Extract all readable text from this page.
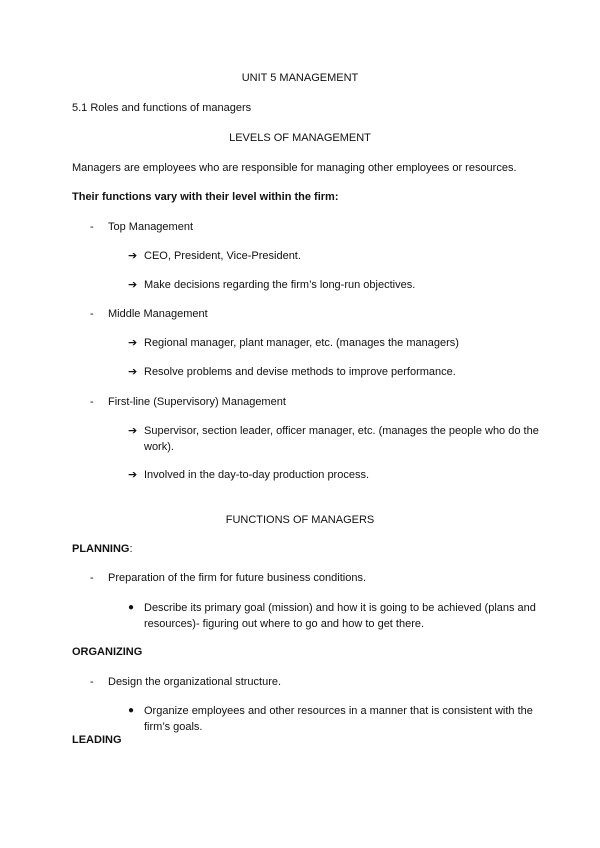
UNIT 5 MANAGEMENT
5.1 Roles and functions of managers
LEVELS OF MANAGEMENT
Managers are employees who are responsible for managing other employees or resources.
Their functions vary with their level within the firm:
- Top Management
➔ CEO, President, Vice-President.
➔ Make decisions regarding the firm’s long-run objectives.
- Middle Management
➔ Regional manager, plant manager, etc. (manages the managers)
➔ Resolve problems and devise methods to improve performance.
- First-line (Supervisory) Management
➔ Supervisor, section leader, officer manager, etc. (manages the people who do the work).
➔ Involved in the day-to-day production process.
FUNCTIONS OF MANAGERS
PLANNING:
- Preparation of the firm for future business conditions.
● Describe its primary goal (mission) and how it is going to be achieved (plans and resources)- figuring out where to go and how to get there.
ORGANIZING
- Design the organizational structure.
● Organize employees and other resources in a manner that is consistent with the firm’s goals.
LEADING
